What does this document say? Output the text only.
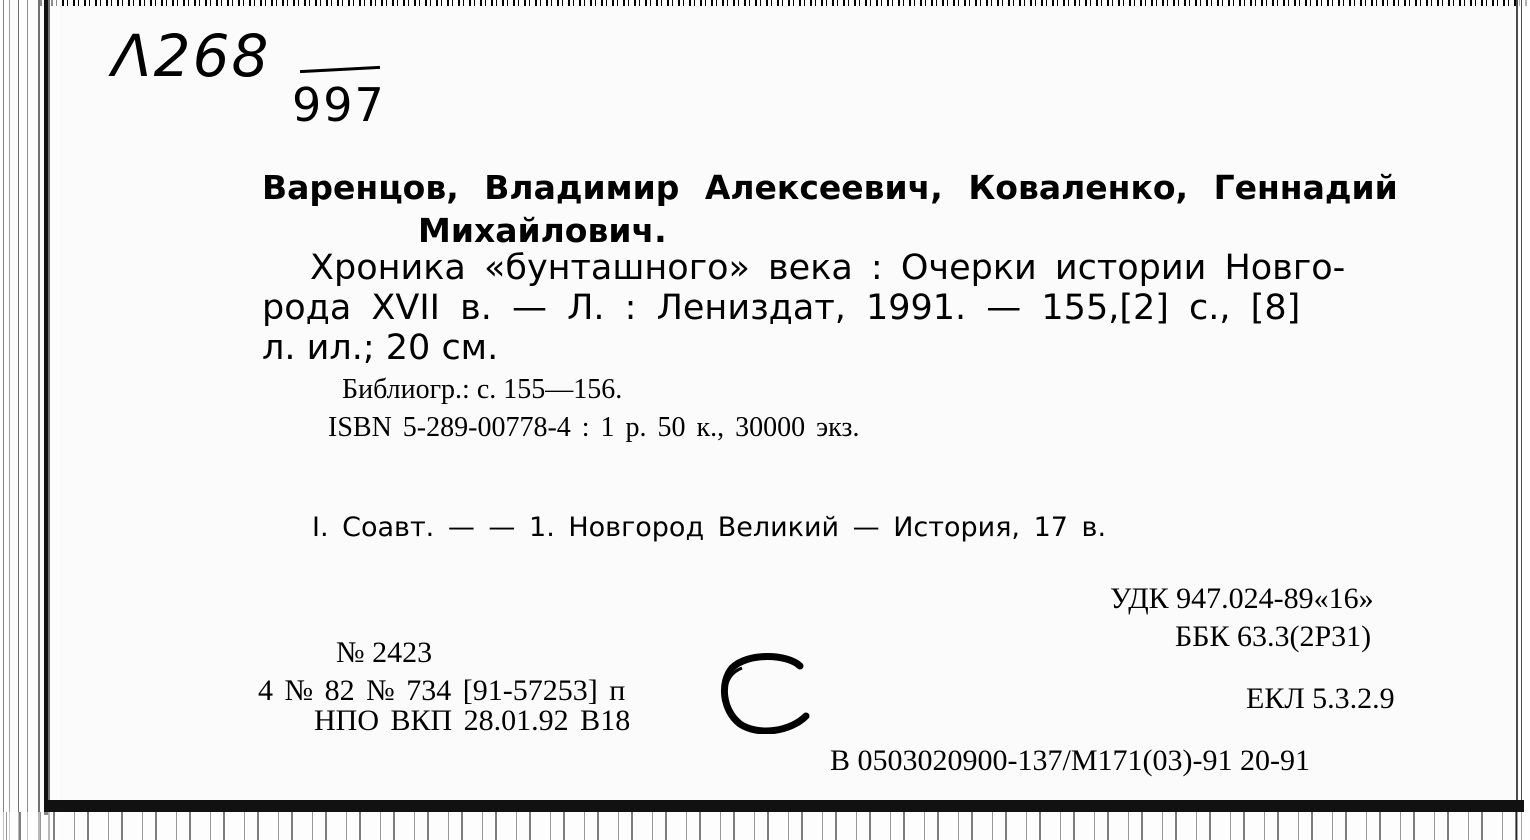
Λ268
997
Варенцов, Владимир Алексеевич, Коваленко, Геннадий
Михайлович.
Хроника «бунташного» века : Очерки истории Новго-
рода XVII в. — Л. : Лениздат, 1991. — 155,[2] с., [8]
л. ил.; 20 см.
Библиогр.: с. 155—156.
ISBN 5-289-00778-4 : 1 р. 50 к., 30000 экз.
I. Соавт. — — 1. Новгород Великий — История, 17 в.
УДК 947.024-89«16»
ББК 63.3(2Р31)
№ 2423
4 № 82 № 734 [91-57253] п
НПО ВКП 28.01.92 В18
ЕКЛ 5.3.2.9
В 0503020900-137/М171(03)-91 20-91
